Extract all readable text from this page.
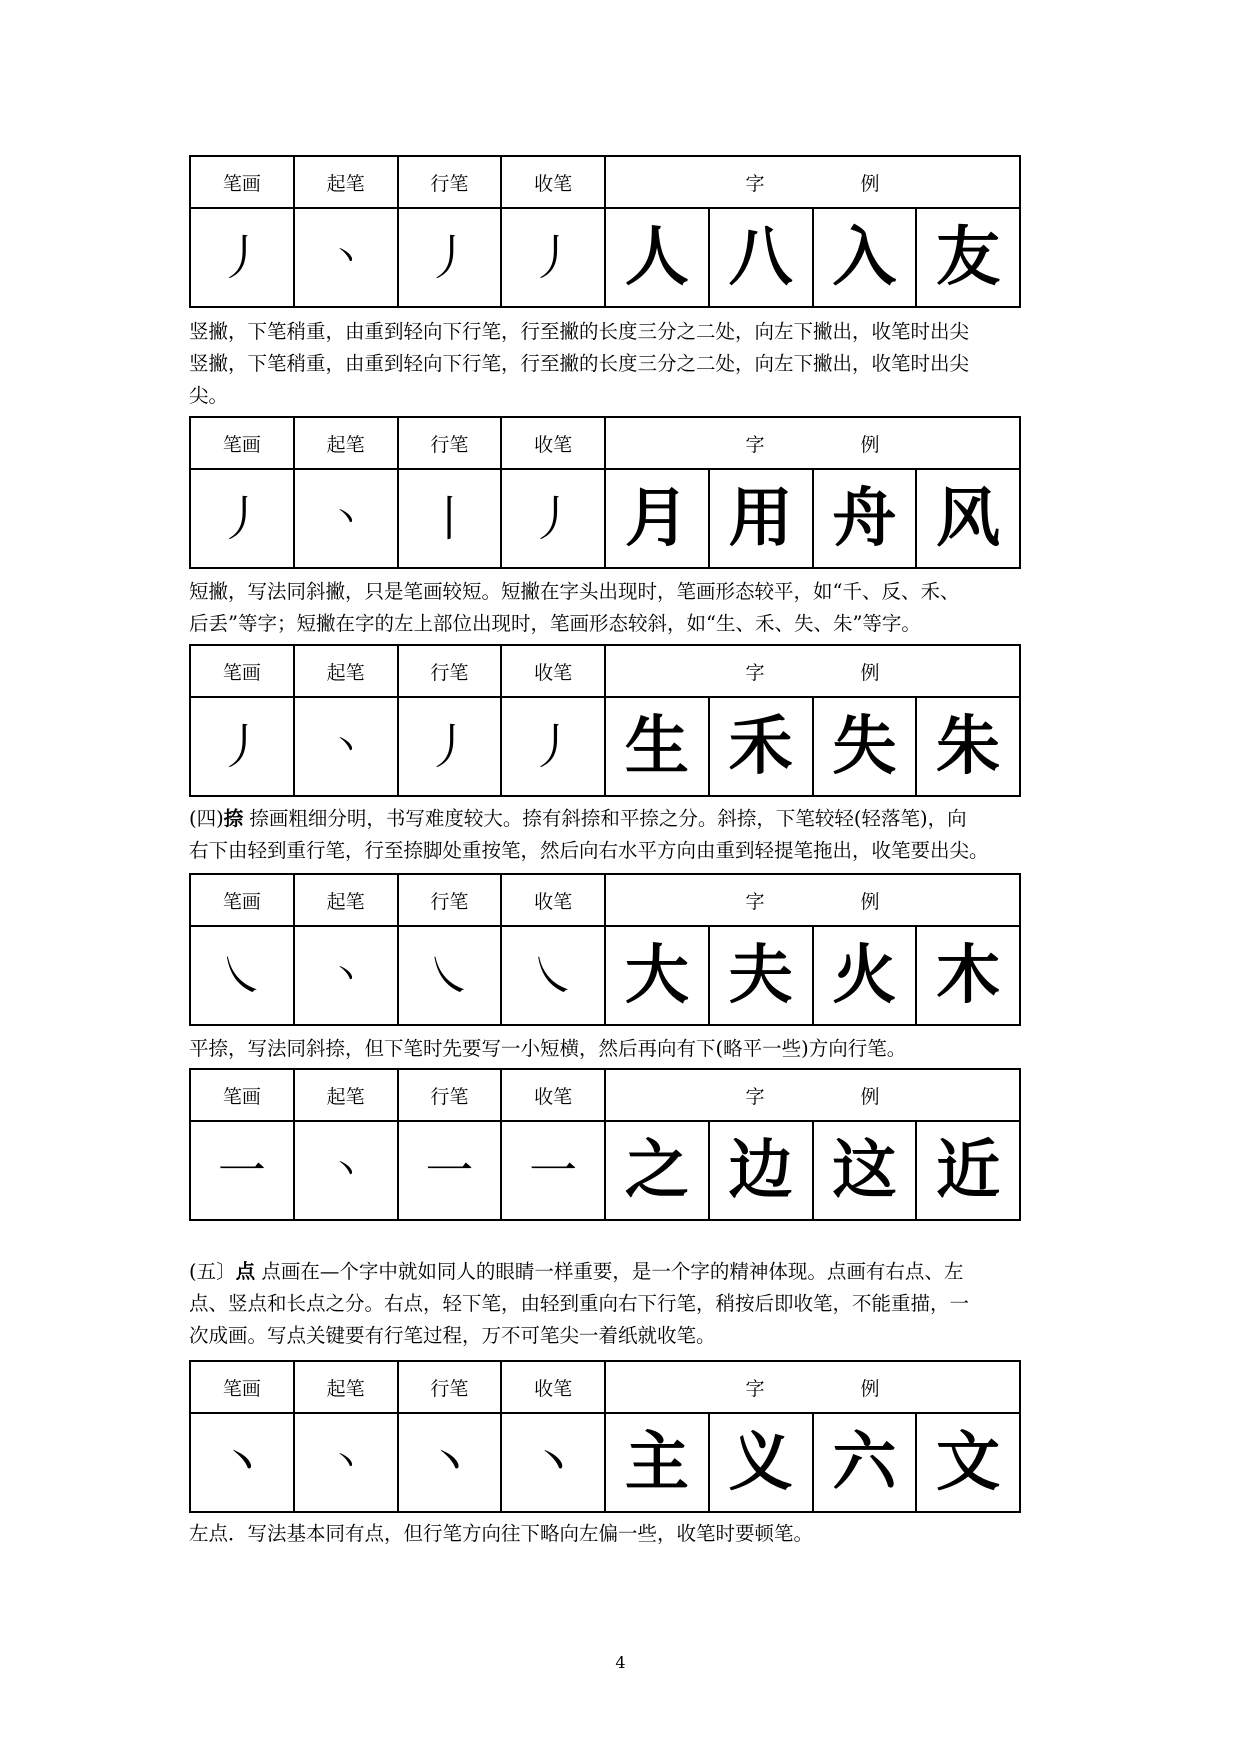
笔画	起笔	行笔	收笔	字 例			
丿	丶	丿	丿	人	八	入	友

竖撇，下笔稍重，由重到轻向下行笔，行至撇的长度三分之二处，向左下撇出，收笔时出尖
竖撇，下笔稍重，由重到轻向下行笔，行至撇的长度三分之二处，向左下撇出，收笔时出尖
尖。

笔画	起笔	行笔	收笔	字 例			
丿	丶	丨	丿	月	用	舟	风

短撇，写法同斜撇，只是笔画较短。短撇在字头出现时，笔画形态较平，如“千、反、禾、
后丢”等字；短撇在字的左上部位出现时，笔画形态较斜，如“生、禾、失、朱”等字。

笔画	起笔	行笔	收笔	字 例			
丿	丶	丿	丿	生	禾	失	朱

(四)捺 捺画粗细分明，书写难度较大。捺有斜捺和平捺之分。斜捺，下笔较轻(轻落笔)，向
右下由轻到重行笔，行至捺脚处重按笔，然后向右水平方向由重到轻提笔拖出，收笔要出尖。

笔画	起笔	行笔	收笔	字 例			
㇏	丶	㇏	㇏	大	夫	火	木

平捺，写法同斜捺，但下笔时先要写一小短横，然后再向有下(略平一些)方向行笔。

笔画	起笔	行笔	收笔	字 例			
一	丶	一	一	之	边	这	近

(五〕点 点画在—个字中就如同人的眼睛一样重要，是一个字的精神体现。点画有右点、左
点、竖点和长点之分。右点，轻下笔，由轻到重向右下行笔，稍按后即收笔，不能重描，一
次成画。写点关键要有行笔过程，万不可笔尖一着纸就收笔。

笔画	起笔	行笔	收笔	字 例			
丶	丶	丶	丶	主	义	六	文

左点．写法基本同有点，但行笔方向往下略向左偏一些，收笔时要顿笔。

4
